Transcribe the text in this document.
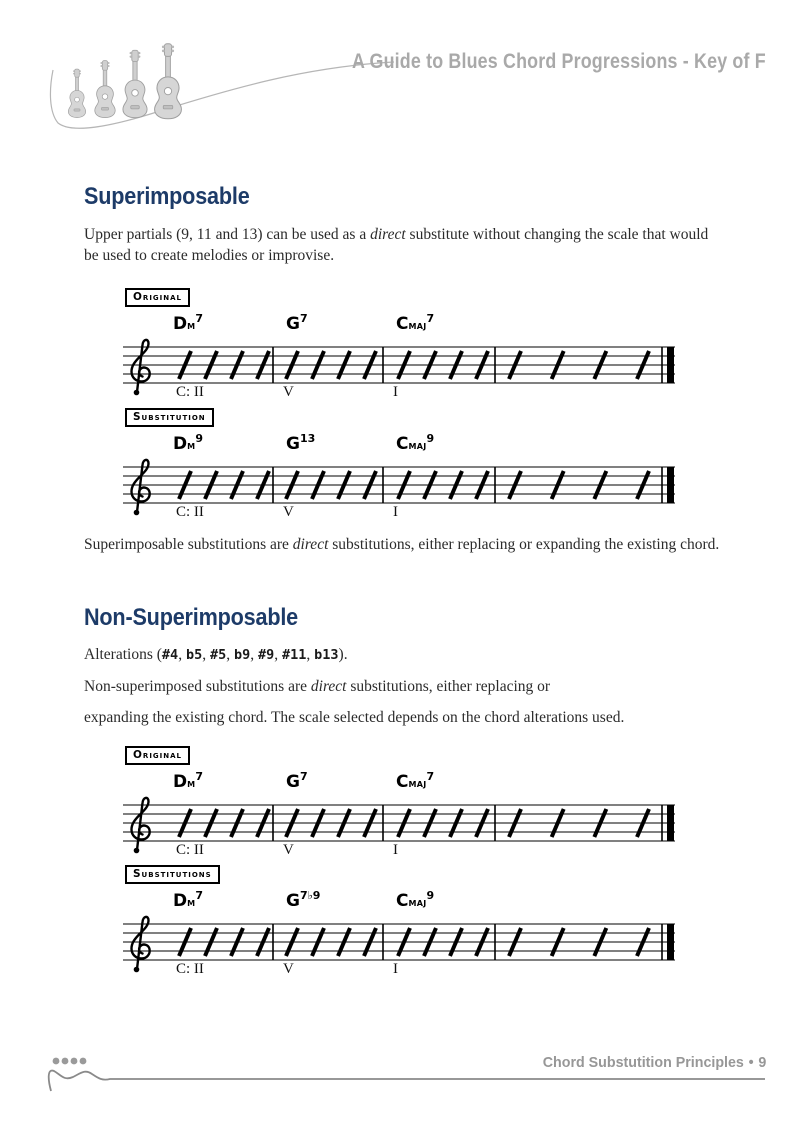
A Guide to Blues Chord Progressions - Key of F
Superimposable

Upper partials (9, 11 and 13) can be used as a direct substitute without changing the scale that would be used to create melodies or improvise.

Original
Dm$^7$	$G^7$	Cmaj$^7$
C: II	V	I
Substitution
Dm$^9$	$G^{13}$	Cmaj$^9$
C: II	V	I
Original
Dm$^7$	$G^7$	Cmaj$^7$
C: II	V	I
Substitutions
Dm$^7$	$G^{7♭9}$	Cmaj$^9$
C: II	V	I

Superimposable substitutions are direct substitutions, either replacing or expanding the existing chord.

Non-Superimposable

Alterations (#4, b5, #5, b9, #9, #11, b13).

Non-superimposed substitutions are direct substitutions, either replacing or

expanding the existing chord. The scale selected depends on the chord alterations used.

Chord Substutition Principles • 9
